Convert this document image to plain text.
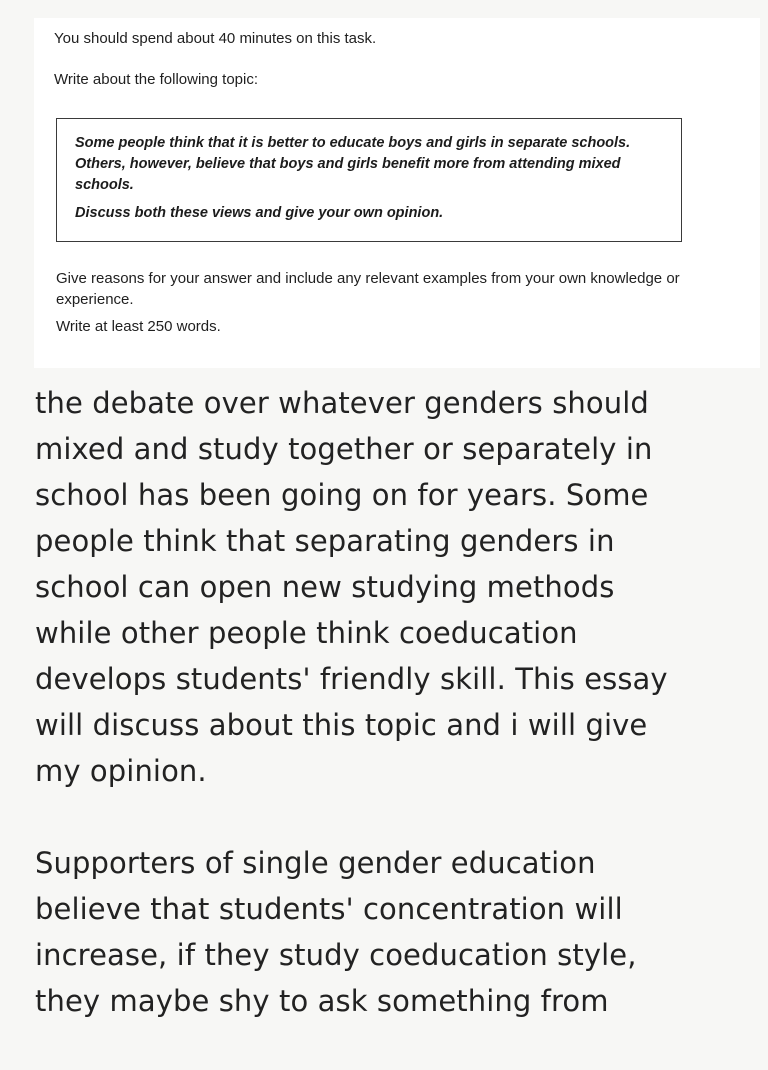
You should spend about 40 minutes on this task.

Write about the following topic:

Some people think that it is better to educate boys and girls in separate schools. Others, however, believe that boys and girls benefit more from attending mixed schools.

Discuss both these views and give your own opinion.

Give reasons for your answer and include any relevant examples from your own knowledge or experience.

Write at least 250 words.

the debate over whatever genders should
mixed and study together or separately in
school has been going on for years. Some
people think that separating genders in
school can open new studying methods
while other people think coeducation
develops students' friendly skill. This essay
will discuss about this topic and i will give
my opinion.

Supporters of single gender education
believe that students' concentration will
increase, if they study coeducation style,
they maybe shy to ask something from
